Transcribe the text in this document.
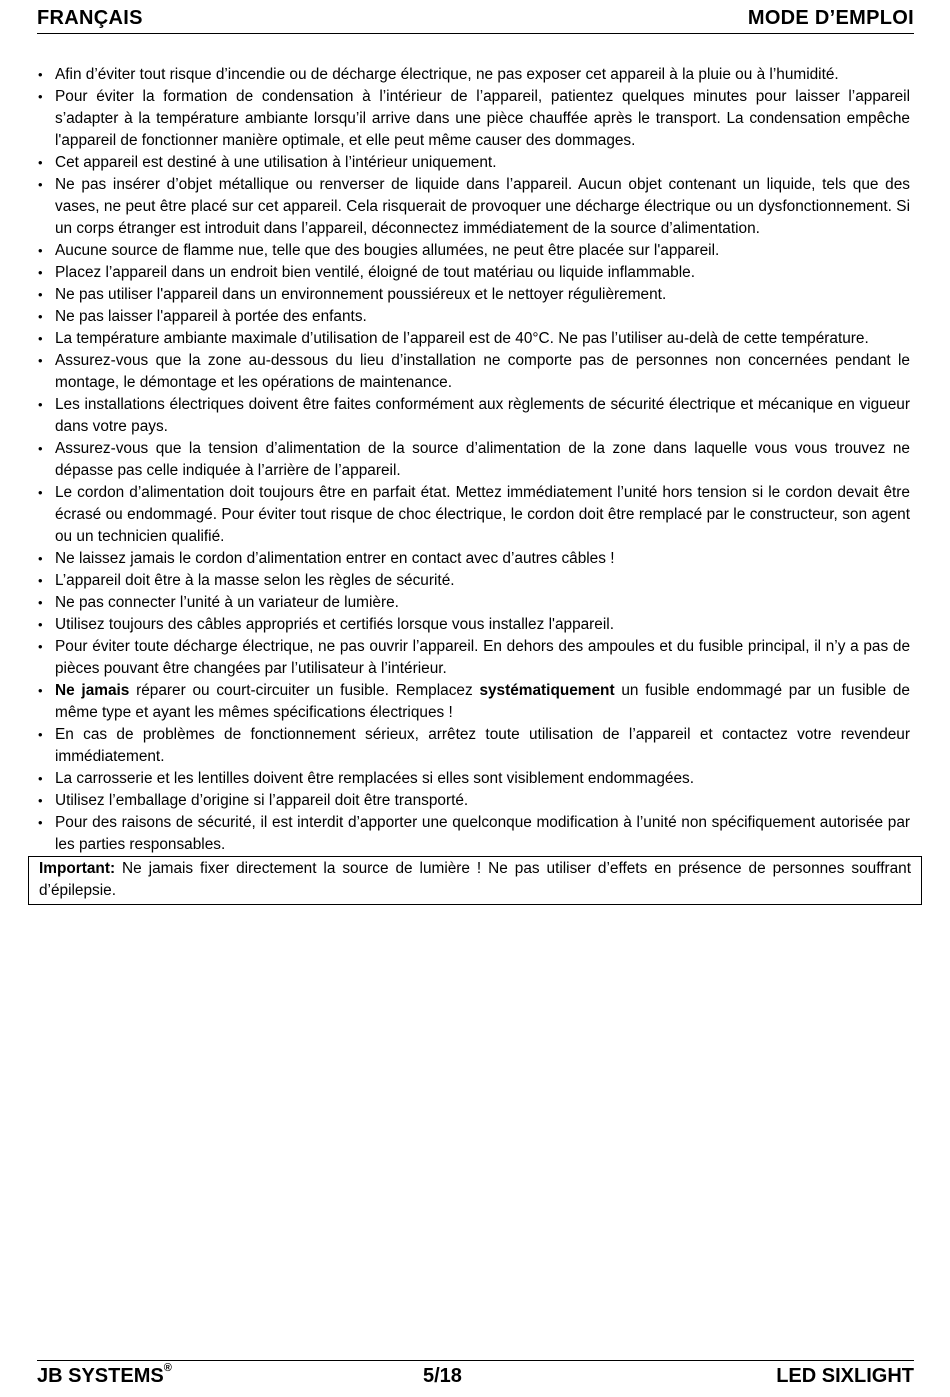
FRANÇAIS	MODE D’EMPLOI
• Afin d’éviter tout risque d’incendie ou de décharge électrique, ne pas exposer cet appareil à la pluie ou à l’humidité.
• Pour éviter la formation de condensation à l’intérieur de l’appareil, patientez quelques minutes pour laisser l’appareil s’adapter à la température ambiante lorsqu’il arrive dans une pièce chauffée après le transport. La condensation empêche l'appareil de fonctionner manière optimale, et elle peut même causer des dommages.
• Cet appareil est destiné à une utilisation à l’intérieur uniquement.
• Ne pas insérer d’objet métallique ou renverser de liquide dans l’appareil. Aucun objet contenant un liquide, tels que des vases, ne peut être placé sur cet appareil. Cela risquerait de provoquer une décharge électrique ou un dysfonctionnement. Si un corps étranger est introduit dans l’appareil, déconnectez immédiatement de la source d’alimentation.
• Aucune source de flamme nue, telle que des bougies allumées, ne peut être placée sur l'appareil.
• Placez l’appareil dans un endroit bien ventilé, éloigné de tout matériau ou liquide inflammable.
• Ne pas utiliser l'appareil dans un environnement poussiéreux et le nettoyer régulièrement.
• Ne pas laisser l'appareil à portée des enfants.
• La température ambiante maximale d’utilisation de l’appareil est de 40°C. Ne pas l’utiliser au-delà de cette température.
• Assurez-vous que la zone au-dessous du lieu d’installation ne comporte pas de personnes non concernées pendant le montage, le démontage et les opérations de maintenance.
• Les installations électriques doivent être faites conformément aux règlements de sécurité électrique et mécanique en vigueur dans votre pays.
• Assurez-vous que la tension d’alimentation de la source d’alimentation de la zone dans laquelle vous vous trouvez ne dépasse pas celle indiquée à l’arrière de l’appareil.
• Le cordon d’alimentation doit toujours être en parfait état. Mettez immédiatement l’unité hors tension si le cordon devait être écrasé ou endommagé. Pour éviter tout risque de choc électrique, le cordon doit être remplacé par le constructeur, son agent ou un technicien qualifié.
• Ne laissez jamais le cordon d’alimentation entrer en contact avec d’autres câbles !
• L’appareil doit être à la masse selon les règles de sécurité.
• Ne pas connecter l’unité à un variateur de lumière.
• Utilisez toujours des câbles appropriés et certifiés lorsque vous installez l'appareil.
• Pour éviter toute décharge électrique, ne pas ouvrir l’appareil. En dehors des ampoules et du fusible principal, il n’y a pas de pièces pouvant être changées par l’utilisateur à l’intérieur.
• Ne jamais réparer ou court-circuiter un fusible. Remplacez systématiquement un fusible endommagé par un fusible de même type et ayant les mêmes spécifications électriques !
• En cas de problèmes de fonctionnement sérieux, arrêtez toute utilisation de l’appareil et contactez votre revendeur immédiatement.
• La carrosserie et les lentilles doivent être remplacées si elles sont visiblement endommagées.
• Utilisez l’emballage d’origine si l’appareil doit être transporté.
• Pour des raisons de sécurité, il est interdit d’apporter une quelconque modification à l’unité non spécifiquement autorisée par les parties responsables.
Important: Ne jamais fixer directement la source de lumière ! Ne pas utiliser d’effets en présence de personnes souffrant d’épilepsie.
JB SYSTEMS®	5/18	LED SIXLIGHT
